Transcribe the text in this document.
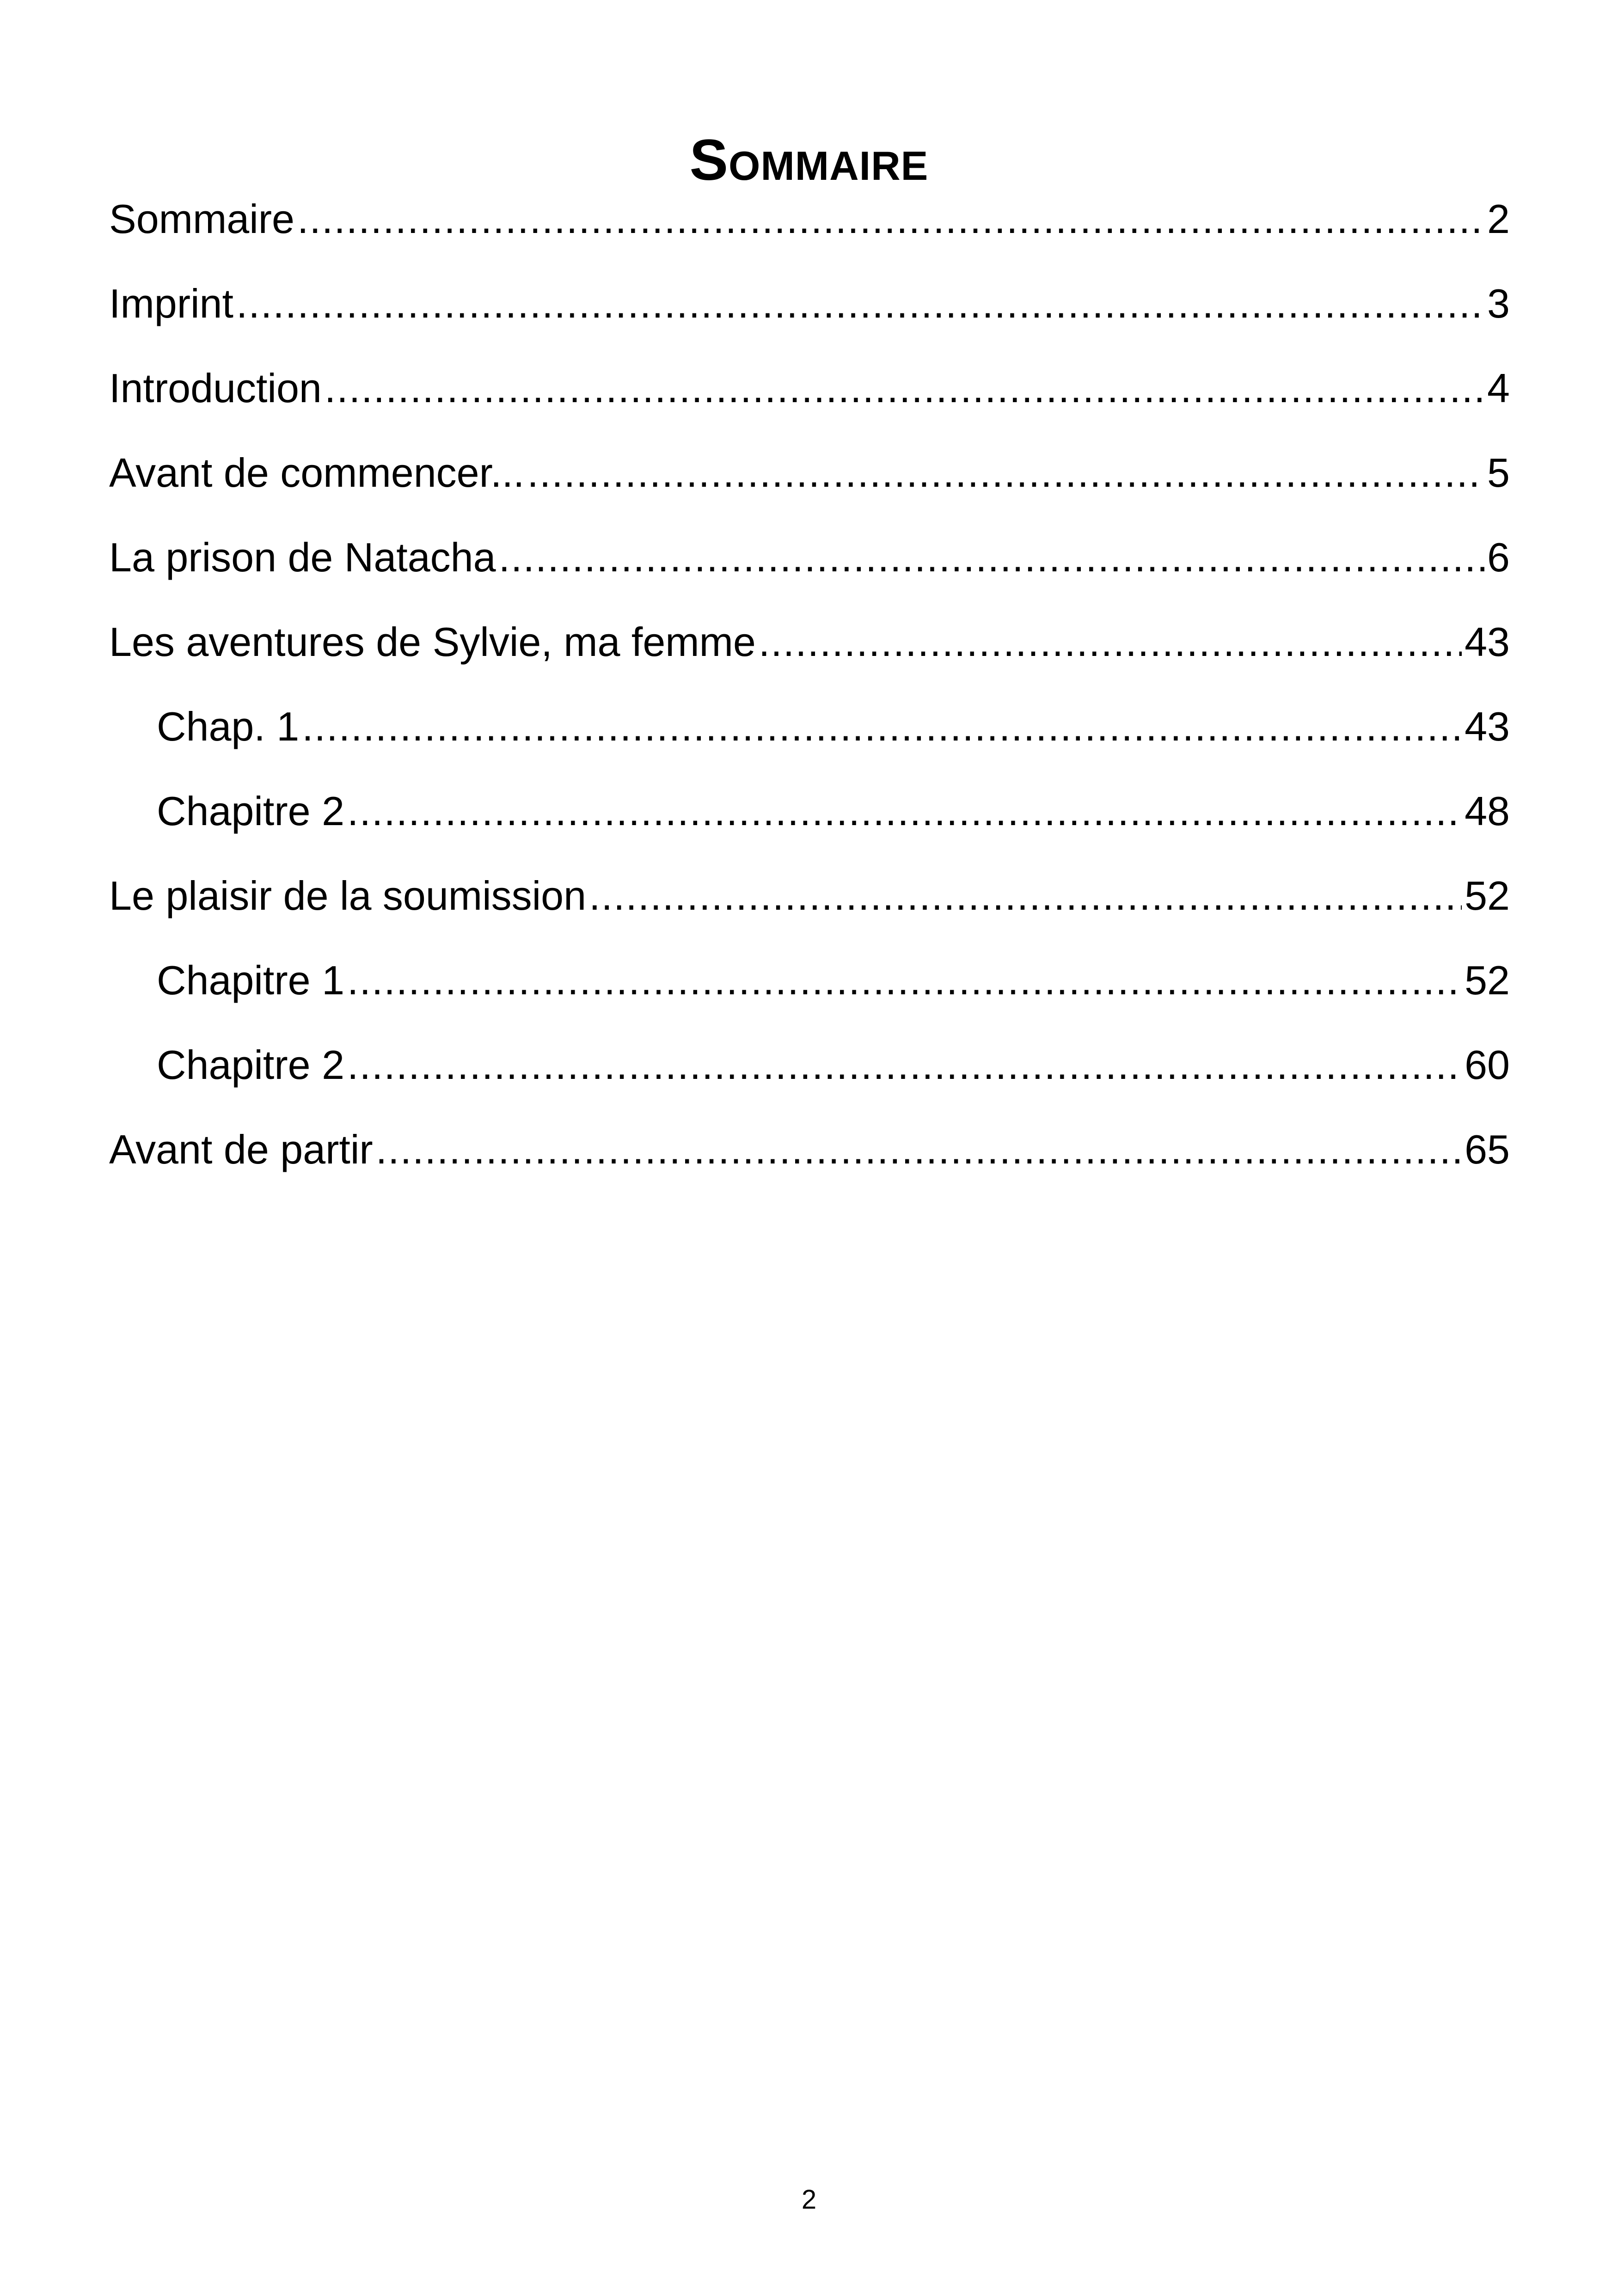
Sommaire
Sommaire .....	2
Imprint .....	3
Introduction .....	4
Avant de commencer... .....	5
La prison de Natacha .....	6
Les aventures de Sylvie, ma femme .....	43
Chap. 1 .....	43
Chapitre 2 .....	48
Le plaisir de la soumission .....	52
Chapitre 1 .....	52
Chapitre 2 .....	60
Avant de partir .....	65
2
